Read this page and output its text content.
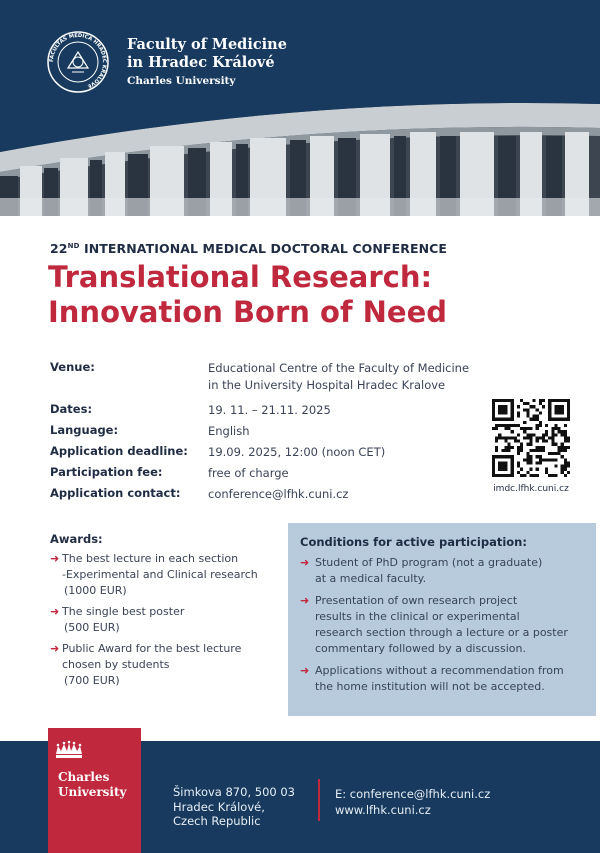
FACULTAS MEDICA HRADEC KRÁLOVÉ
Faculty of Medicine
in Hradec Králové
Charles University
22ND INTERNATIONAL MEDICAL DOCTORAL CONFERENCE
Translational Research:
Innovation Born of Need
Venue:	Educational Centre of the Faculty of Medicine
in the University Hospital Hradec Kralove
Dates:	19. 11. – 21.11. 2025
Language:	English
Application deadline: 19.09. 2025, 12:00 (noon CET)
Participation fee:	free of charge
Application contact: conference@lfhk.cuni.cz	imdc.lfhk.cuni.cz
Awards:
➜ The best lecture in each section
-Experimental and Clinical research
(1000 EUR)
➜ The single best poster
(500 EUR)
➜ Public Award for the best lecture
chosen by students
(700 EUR)
Conditions for active participation:
➜ Student of PhD program (not a graduate)
at a medical faculty.
➜ Presentation of own research project
results in the clinical or experimental
research section through a lecture or a poster
commentary followed by a discussion.
➜ Applications without a recommendation from
the home institution will not be accepted.
Charles
University	Šimkova 870, 500 03
Hradec Králové,
Czech Republic
E: conference@lfhk.cuni.cz
www.lfhk.cuni.cz
